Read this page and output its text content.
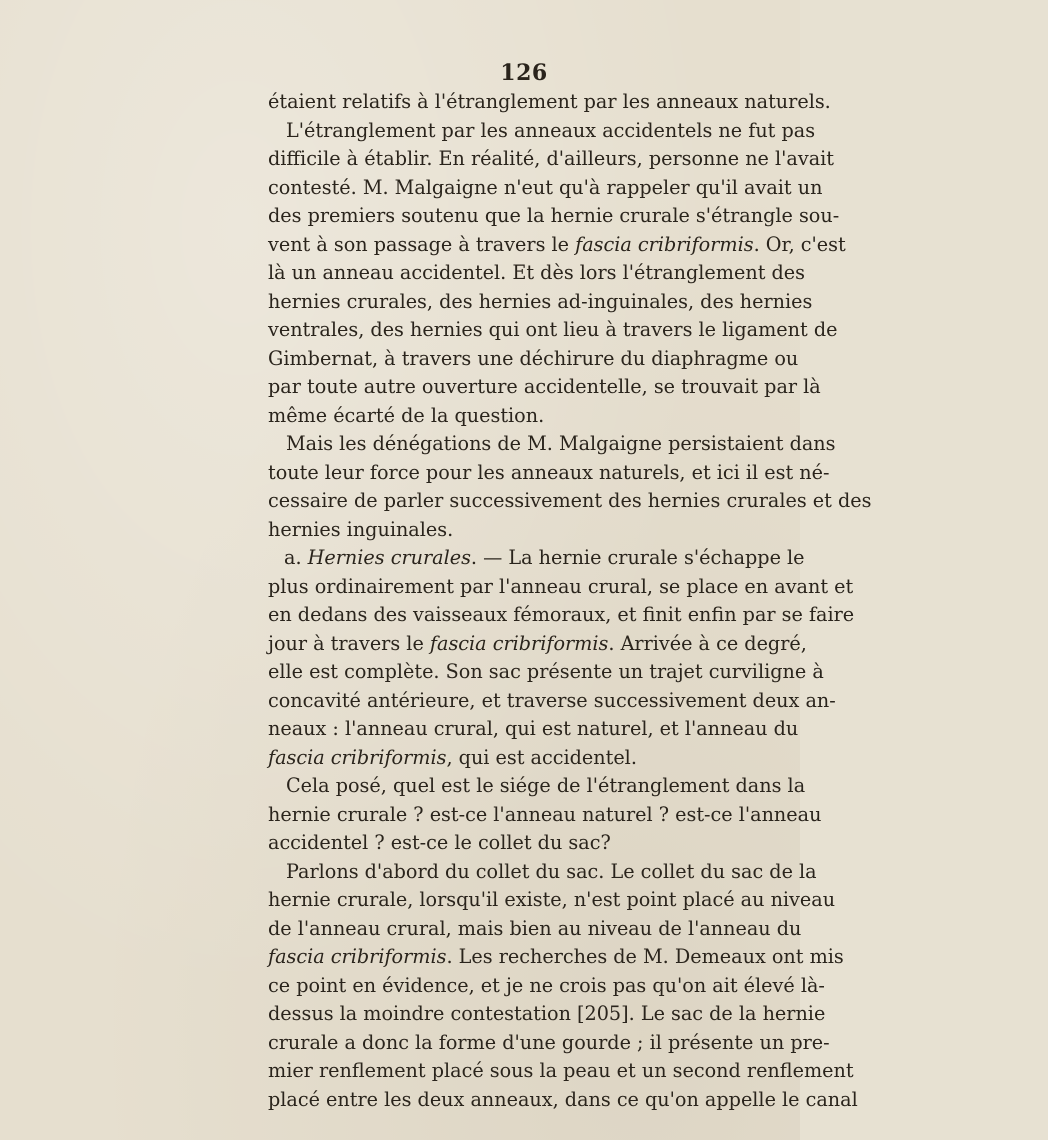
126
étaient relatifs à l'étranglement par les anneaux naturels.
L'étranglement par les anneaux accidentels ne fut pas
difficile à établir. En réalité, d'ailleurs, personne ne l'avait
contesté. M. Malgaigne n'eut qu'à rappeler qu'il avait un
des premiers soutenu que la hernie crurale s'étrangle sou-
vent à son passage à travers le fascia cribriformis. Or, c'est
là un anneau accidentel. Et dès lors l'étranglement des
hernies crurales, des hernies ad-inguinales, des hernies
ventrales, des hernies qui ont lieu à travers le ligament de
Gimbernat, à travers une déchirure du diaphragme ou
par toute autre ouverture accidentelle, se trouvait par là
même écarté de la question.
Mais les dénégations de M. Malgaigne persistaient dans
toute leur force pour les anneaux naturels, et ici il est né-
cessaire de parler successivement des hernies crurales et des
hernies inguinales.
a. Hernies crurales. — La hernie crurale s'échappe le
plus ordinairement par l'anneau crural, se place en avant et
en dedans des vaisseaux fémoraux, et finit enfin par se faire
jour à travers le fascia cribriformis. Arrivée à ce degré,
elle est complète. Son sac présente un trajet curviligne à
concavité antérieure, et traverse successivement deux an-
neaux : l'anneau crural, qui est naturel, et l'anneau du
fascia cribriformis, qui est accidentel.
Cela posé, quel est le siége de l'étranglement dans la
hernie crurale ? est-ce l'anneau naturel ? est-ce l'anneau
accidentel ? est-ce le collet du sac?
Parlons d'abord du collet du sac. Le collet du sac de la
hernie crurale, lorsqu'il existe, n'est point placé au niveau
de l'anneau crural, mais bien au niveau de l'anneau du
fascia cribriformis. Les recherches de M. Demeaux ont mis
ce point en évidence, et je ne crois pas qu'on ait élevé là-
dessus la moindre contestation [205]. Le sac de la hernie
crurale a donc la forme d'une gourde ; il présente un pre-
mier renflement placé sous la peau et un second renflement
placé entre les deux anneaux, dans ce qu'on appelle le canal
